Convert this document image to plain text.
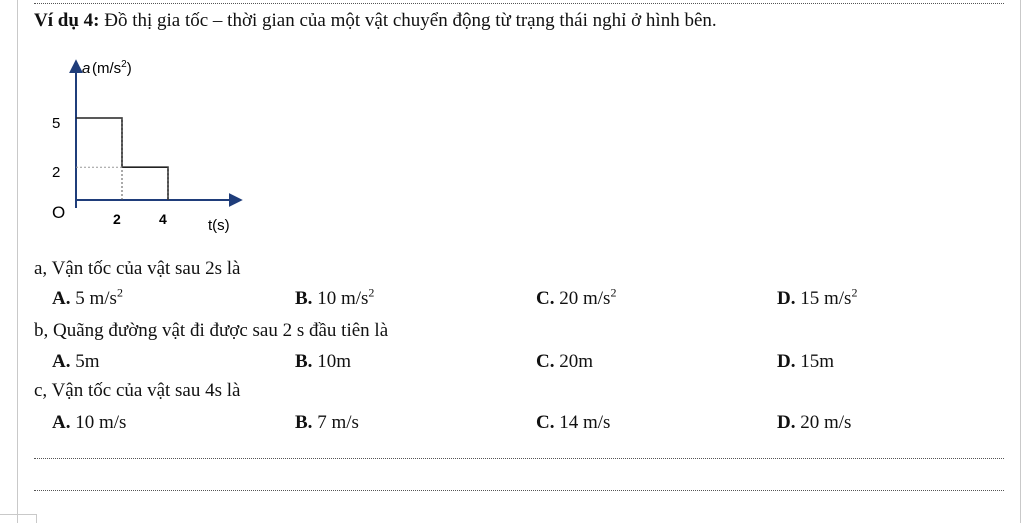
Ví dụ 4: Đồ thị gia tốc – thời gian của một vật chuyển động từ trạng thái nghỉ ở hình bên.
a $(m/s^2)$
5
2
O	2	4	t(s)
a, Vận tốc của vật sau 2s là
A. 5 $m/s^2$	B. 10 $m/s^2$	C. 20 $m/s^2$	D. 15 $m/s^2$
b, Quãng đường vật đi được sau 2 s đầu tiên là
A. 5m	B. 10m	C. 20m	D. 15m
c, Vận tốc của vật sau 4s là
A. 10 m/s	B. 7 m/s	C. 14 m/s	D. 20 m/s
